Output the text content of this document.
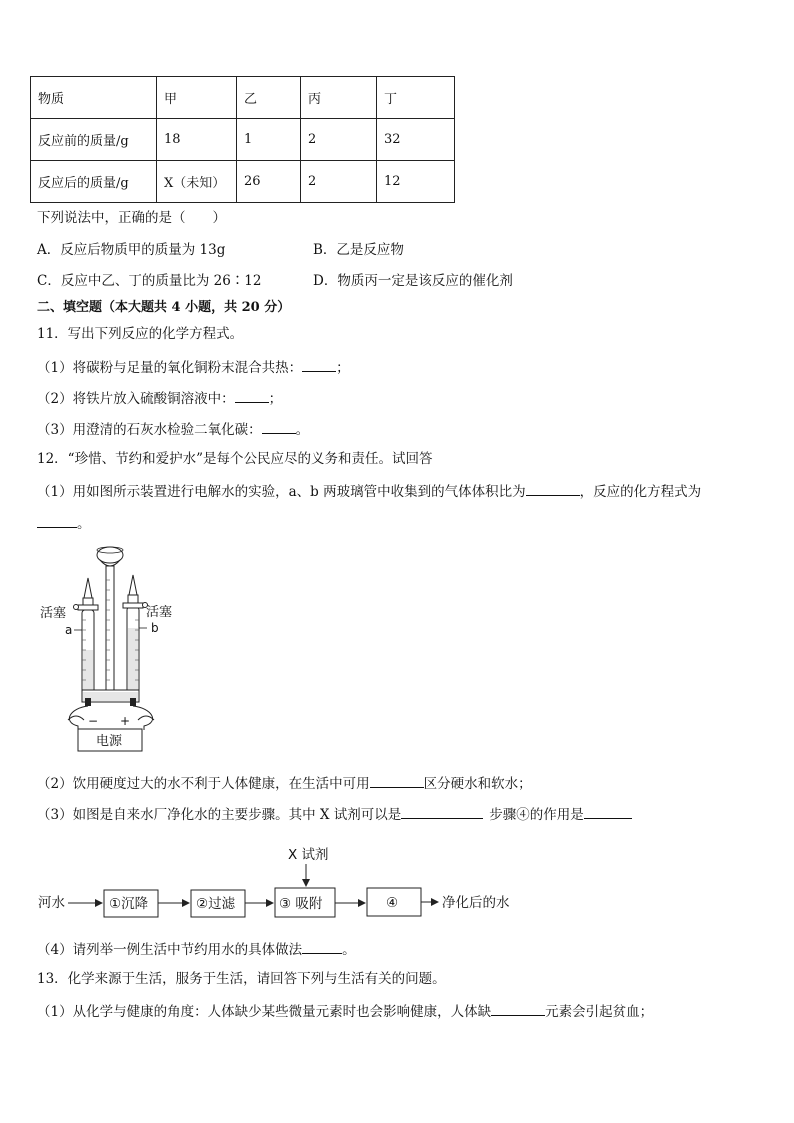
物质	甲	乙	丙	丁
反应前的质量/g	18	1	2	32
反应后的质量/g	X（未知）	26	2	12
下列说法中，正确的是（　　）
A．反应后物质甲的质量为 13g	B．乙是反应物
C．反应中乙、丁的质量比为 26∶12	D．物质丙一定是该反应的催化剂
二、填空题（本大题共 4 小题，共 20 分）
11．写出下列反应的化学方程式。
（1）将碳粉与足量的氧化铜粉末混合共热：	；
（2）将铁片放入硫酸铜溶液中：	；
（3）用澄清的石灰水检验二氧化碳：	。
12．“珍惜、节约和爱护水”是每个公民应尽的义务和责任。试回答
（1）用如图所示装置进行电解水的实验，a、b 两玻璃管中收集到的气体体积比为	，反应的化方程式为
。
活塞	活塞
a	b
− +
电源
（2）饮用硬度过大的水不利于人体健康，在生活中可用	区分硬水和软水；
（3）如图是自来水厂净化水的主要步骤。其中 X 试剂可以是	步骤④的作用是
X 试剂
河水	①沉降	②过滤	③ 吸附	④	净化后的水
（4）请列举一例生活中节约用水的具体做法	。
13．化学来源于生活，服务于生活，请回答下列与生活有关的问题。
（1）从化学与健康的角度：人体缺少某些微量元素时也会影响健康，人体缺	元素会引起贫血；
